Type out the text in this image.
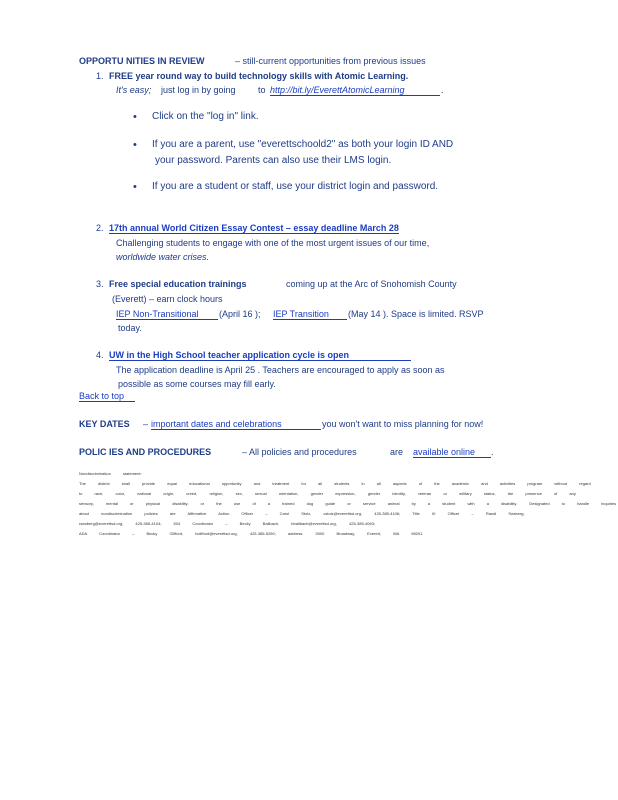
OPPORTU NITIES IN REVIEW	– still-current opportunities from previous issues
1. FREE year round way to build technology skills with Atomic Learning.
It's easy; just log in by going to http://bit.ly/EverettAtomicLearning	.
• Click on the "log in" link.
• If you are a parent, use "everettschoold2" as both your login ID AND
your password. Parents can also use their LMS login.
• If you are a student or staff, use your district login and password.
2. 17th annual World Citizen Essay Contest – essay deadline March 28
Challenging students to engage with one of the most urgent issues of our time,
worldwide water crises.
3. Free special education trainings	coming up at the Arc of Snohomish County
(Everett) – earn clock hours
IEP Non-Transitional	(April 16 ); IEP Transition	(May 14 ). Space is limited. RSVP
today.
4. UW in the High School teacher application cycle is open
The application deadline is April 25 . Teachers are encouraged to apply as soon as
possible as some courses may fill early.
Back to top
KEY DATES – important dates and celebrations	you won't want to miss planning for now!
POLIC IES AND PROCEDURES	– All policies and procedures	are available online	.
Nondiscrimination statement:
The district shall provide equal educational opportunity and treatment for all students in all aspects of the academic and activities program without regard
to race, color, national origin, creed, religion, sex, sexual orientation, gender expression, gender identity, veteran or military status, the presence of any
sensory, mental or physical disability, or the use of a trained dog guide or service animal by a student with a disability. Designated to handle inquiries
about nondiscrimination policies are Affirmative Action Officer – Carol Stolz, cstolz@everettsd.org, 425-385-4106; Title IX Officer – Randi Seaberg,
rseaberg@everettsd.org, 425-385-4104; 504 Coordinator – Becky Ballbach, bballbach@everettsd.org, 425-385-4063;
ADA Coordinator – Becky Clifford, bclifford@everettsd.org, 425-385-5250; address: 3900 Broadway, Everett, WA 98201.
